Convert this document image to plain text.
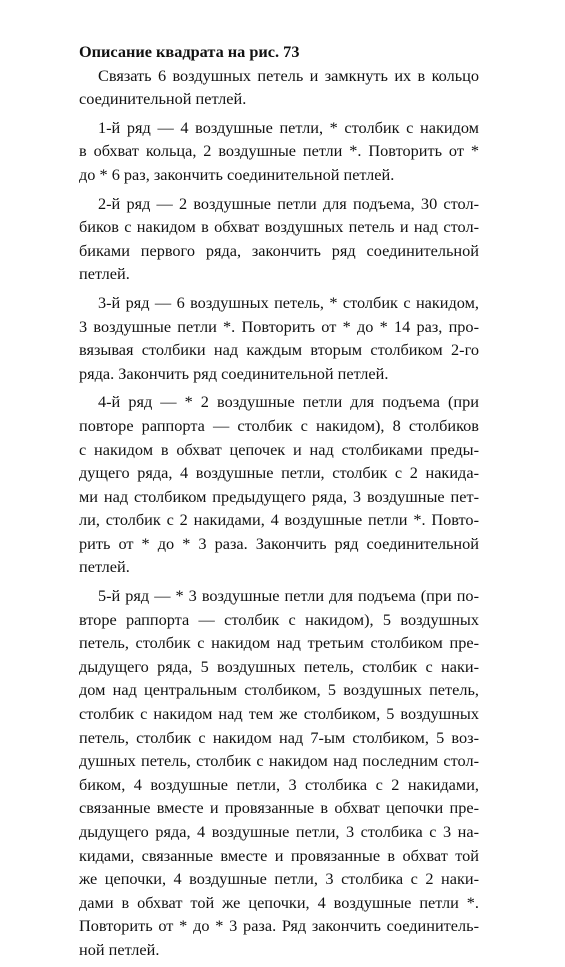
Описание квадрата на рис. 73
Связать 6 воздушных петель и замкнуть их в кольцо
соединительной петлей.
1-й ряд — 4 воздушные петли, * столбик с накидом
в обхват кольца, 2 воздушные петли *. Повторить от *
до * 6 раз, закончить соединительной петлей.
2-й ряд — 2 воздушные петли для подъема, 30 стол-
биков с накидом в обхват воздушных петель и над стол-
биками первого ряда, закончить ряд соединительной
петлей.
3-й ряд — 6 воздушных петель, * столбик с накидом,
3 воздушные петли *. Повторить от * до * 14 раз, про-
вязывая столбики над каждым вторым столбиком 2-го
ряда. Закончить ряд соединительной петлей.
4-й ряд — * 2 воздушные петли для подъема (при
повторе раппорта — столбик с накидом), 8 столбиков
с накидом в обхват цепочек и над столбиками преды-
дущего ряда, 4 воздушные петли, столбик с 2 накида-
ми над столбиком предыдущего ряда, 3 воздушные пет-
ли, столбик с 2 накидами, 4 воздушные петли *. Повто-
рить от * до * 3 раза. Закончить ряд соединительной
петлей.
5-й ряд — * 3 воздушные петли для подъема (при по-
вторе раппорта — столбик с накидом), 5 воздушных
петель, столбик с накидом над третьим столбиком пре-
дыдущего ряда, 5 воздушных петель, столбик с наки-
дом над центральным столбиком, 5 воздушных петель,
столбик с накидом над тем же столбиком, 5 воздушных
петель, столбик с накидом над 7-ым столбиком, 5 воз-
душных петель, столбик с накидом над последним стол-
биком, 4 воздушные петли, 3 столбика с 2 накидами,
связанные вместе и провязанные в обхват цепочки пре-
дыдущего ряда, 4 воздушные петли, 3 столбика с 3 на-
кидами, связанные вместе и провязанные в обхват той
же цепочки, 4 воздушные петли, 3 столбика с 2 наки-
дами в обхват той же цепочки, 4 воздушные петли *.
Повторить от * до * 3 раза. Ряд закончить соединитель-
ной петлей.
